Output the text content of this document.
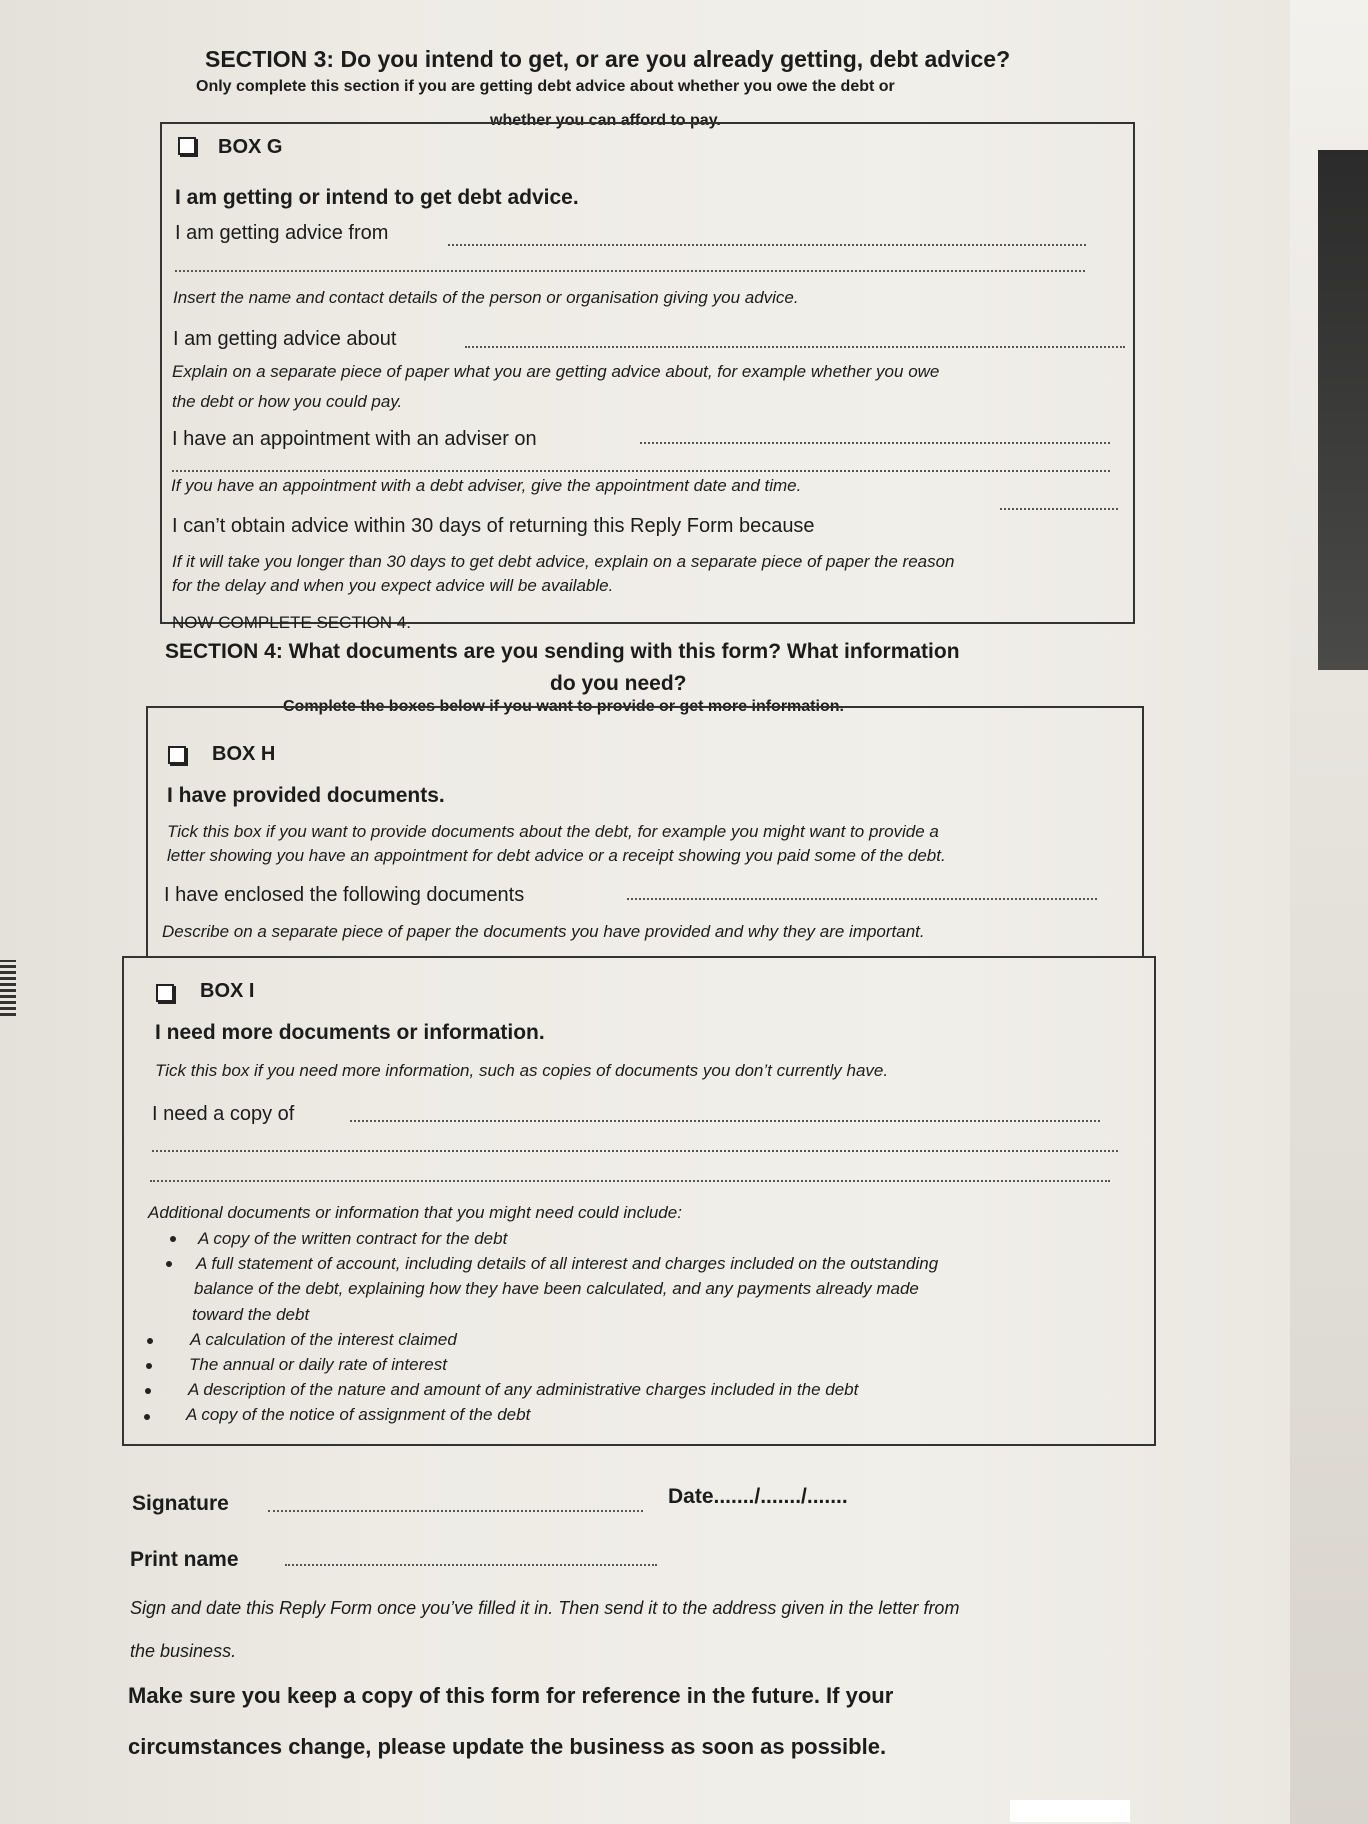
SECTION 3: Do you intend to get, or are you already getting, debt advice?
Only complete this section if you are getting debt advice about whether you owe the debt or
whether you can afford to pay.
BOX G
I am getting or intend to get debt advice.
I am getting advice from
Insert the name and contact details of the person or organisation giving you advice.
I am getting advice about
Explain on a separate piece of paper what you are getting advice about, for example whether you owe
the debt or how you could pay.
I have an appointment with an adviser on
If you have an appointment with a debt adviser, give the appointment date and time.
I can’t obtain advice within 30 days of returning this Reply Form because
If it will take you longer than 30 days to get debt advice, explain on a separate piece of paper the reason
for the delay and when you expect advice will be available.
NOW COMPLETE SECTION 4.
SECTION 4: What documents are you sending with this form? What information
do you need?
Complete the boxes below if you want to provide or get more information.
BOX H
I have provided documents.
Tick this box if you want to provide documents about the debt, for example you might want to provide a
letter showing you have an appointment for debt advice or a receipt showing you paid some of the debt.
I have enclosed the following documents
Describe on a separate piece of paper the documents you have provided and why they are important.
BOX I
I need more documents or information.
Tick this box if you need more information, such as copies of documents you don’t currently have.
I need a copy of
Additional documents or information that you might need could include:
A copy of the written contract for the debt
A full statement of account, including details of all interest and charges included on the outstanding
balance of the debt, explaining how they have been calculated, and any payments already made
toward the debt
A calculation of the interest claimed
The annual or daily rate of interest
A description of the nature and amount of any administrative charges included in the debt
A copy of the notice of assignment of the debt
Signature	Date......./......./.......
Print name
Sign and date this Reply Form once you’ve filled it in. Then send it to the address given in the letter from
the business.
Make sure you keep a copy of this form for reference in the future. If your
circumstances change, please update the business as soon as possible.
